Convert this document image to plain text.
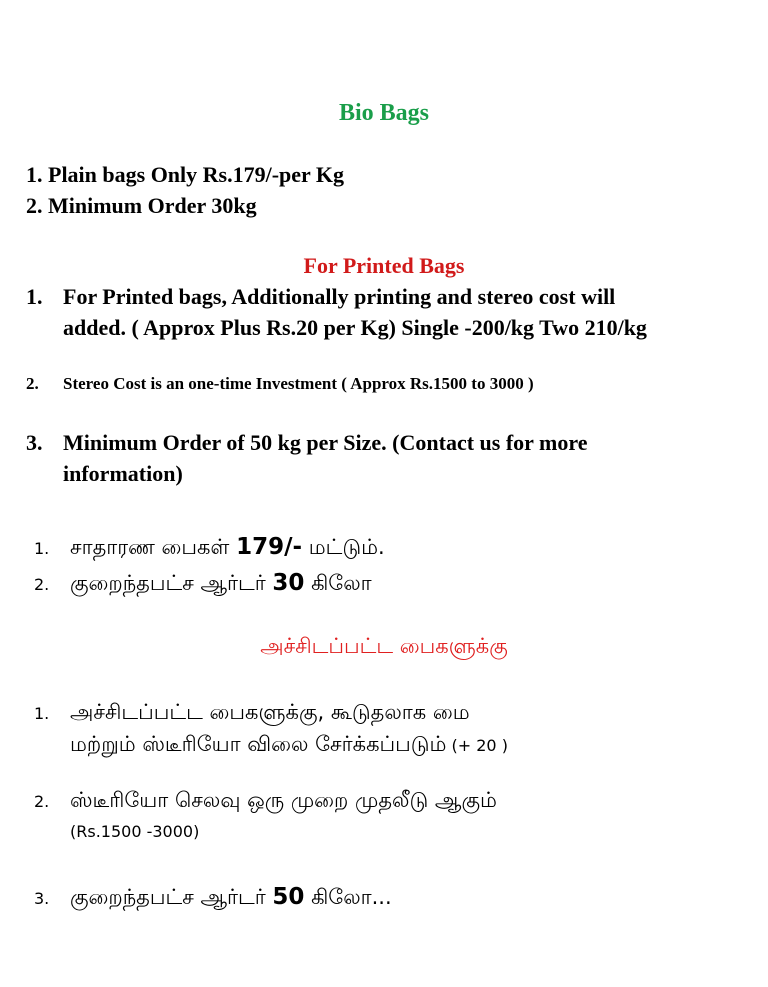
Bio Bags
1. Plain bags Only Rs.179/-per Kg
2. Minimum Order 30kg
For Printed Bags
1. For Printed bags, Additionally printing and stereo cost will
added. ( Approx Plus Rs.20 per Kg) Single -200/kg Two 210/kg
2. Stereo Cost is an one-time Investment ( Approx Rs.1500 to 3000 )
3. Minimum Order of 50 kg per Size. (Contact us for more
information)
1. சாதாரண பைகள் 179/- மட்டும்.
2. குறைந்தபட்ச ஆர்டர் 30 கிலோ
அச்சிடப்பட்ட பைகளுக்கு
1. அச்சிடப்பட்ட பைகளுக்கு, கூடுதலாக மை
மற்றும் ஸ்டீரியோ விலை சேர்க்கப்படும் (+ 20 )
2. ஸ்டீரியோ செலவு ஒரு முறை முதலீடு ஆகும்
(Rs.1500 -3000)
3. குறைந்தபட்ச ஆர்டர் 50 கிலோ...
